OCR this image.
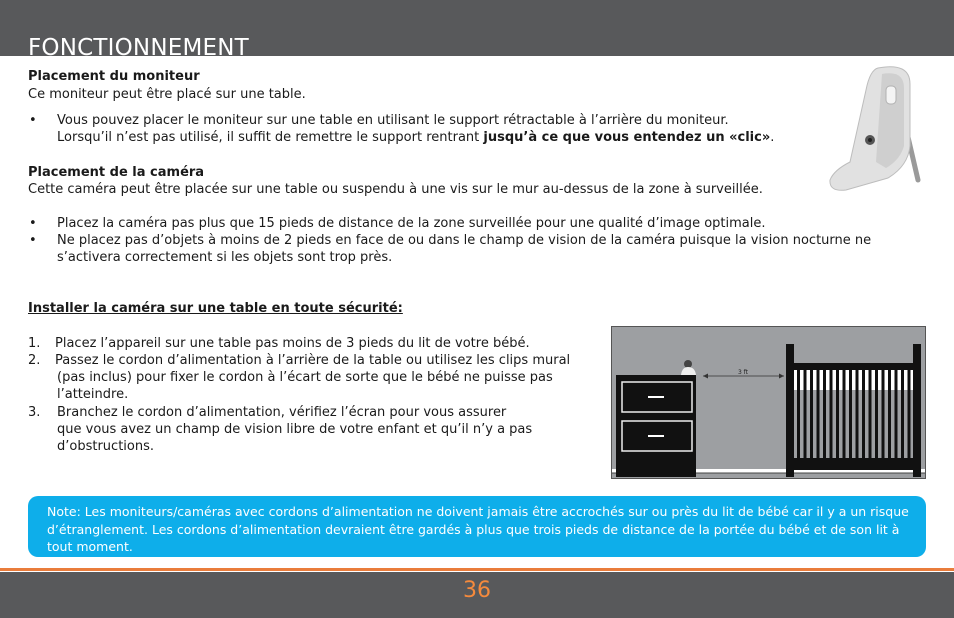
FONCTIONNEMENT

Placement du moniteur

Ce moniteur peut être placé sur une table.

• Vous pouvez placer le moniteur sur une table en utilisant le support rétractable à l’arrière du moniteur.

Lorsqu’il n’est pas utilisé, il suffit de remettre le support rentrant jusqu’à ce que vous entendez un «clic».

Placement de la caméra

Cette caméra peut être placée sur une table ou suspendu à une vis sur le mur au-dessus de la zone à surveillée.

• Placez la caméra pas plus que 15 pieds de distance de la zone surveillée pour une qualité d’image optimale.

• Ne placez pas d’objets à moins de 2 pieds en face de ou dans le champ de vision de la caméra puisque la vision nocturne ne

s’activera correctement si les objets sont trop près.

Installer la caméra sur une table en toute sécurité:

1. Placez l’appareil sur une table pas moins de 3 pieds du lit de votre bébé.

2. Passez le cordon d’alimentation à l’arrière de la table ou utilisez les clips mural

(pas inclus) pour fixer le cordon à l’écart de sorte que le bébé ne puisse pas

l’atteindre.

3. Branchez le cordon d’alimentation, vérifiez l’écran pour vous assurer

que vous avez un champ de vision libre de votre enfant et qu’il n’y a pas

d’obstructions.

3 ft

Note: Les moniteurs/caméras avec cordons d’alimentation ne doivent jamais être accrochés sur ou près du lit de bébé car il y a un risque d’étranglement. Les cordons d’alimentation devraient être gardés à plus que trois pieds de distance de la portée du bébé et de son lit à tout moment.

36
